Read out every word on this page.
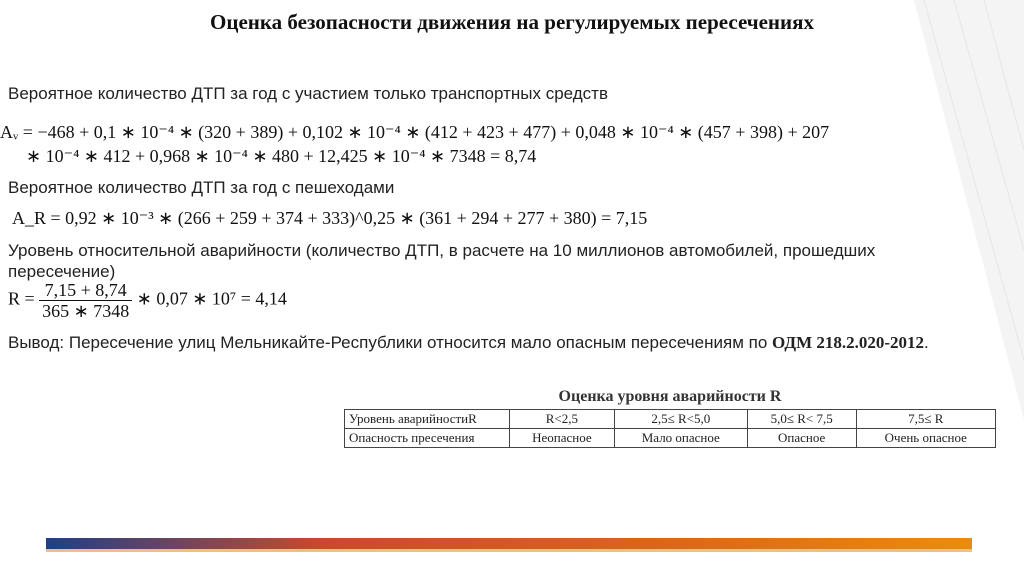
Оценка безопасности движения на регулируемых пересечениях
Вероятное количество ДТП за год с участием только транспортных средств
Аᵥ = −468 + 0,1 ∗ 10⁻⁴ ∗ (320 + 389) + 0,102 ∗ 10⁻⁴ ∗ (412 + 423 + 477) + 0,048 ∗ 10⁻⁴ ∗ (457 + 398) + 207
∗ 10⁻⁴ ∗ 412 + 0,968 ∗ 10⁻⁴ ∗ 480 + 12,425 ∗ 10⁻⁴ ∗ 7348 = 8,74
Вероятное количество ДТП за год с пешеходами
А_R = 0,92 ∗ 10⁻³ ∗ (266 + 259 + 374 + 333)^0,25 ∗ (361 + 294 + 277 + 380) = 7,15
Уровень относительной аварийности (количество ДТП, в расчете на 10 миллионов автомобилей, прошедших пересечение)
$R = \frac{7,15 + 8,74}{365 ∗ 7348}$ ∗ 0,07 ∗ 10⁷ = 4,14
Вывод: Пересечение улиц Мельникайте-Республики относится мало опасным пересечениям по ОДМ 218.2.020-2012.
Оценка уровня аварийности R
Уровень аварийностиR	R<2,5	2,5≤ R<5,0	5,0≤ R< 7,5	7,5≤ R
Опасность пресечения	Неопасное	Мало опасное	Опасное	Очень опасное
